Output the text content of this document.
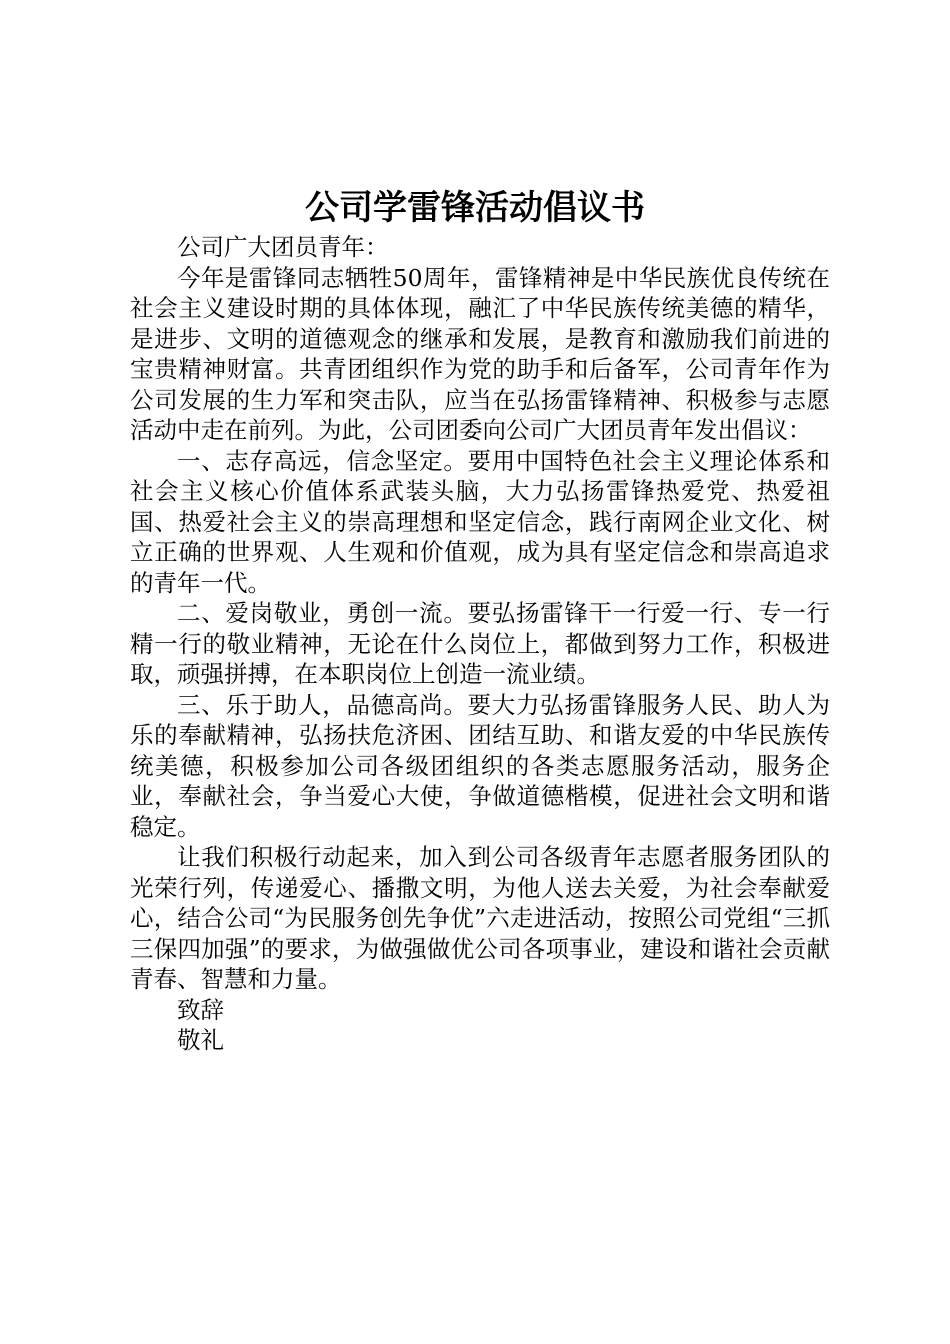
公司学雷锋活动倡议书

公司广大团员青年：

今年是雷锋同志牺牲50周年，雷锋精神是中华民族优良传统在社会主义建设时期的具体体现，融汇了中华民族传统美德的精华，是进步、文明的道德观念的继承和发展，是教育和激励我们前进的宝贵精神财富。共青团组织作为党的助手和后备军，公司青年作为公司发展的生力军和突击队，应当在弘扬雷锋精神、积极参与志愿活动中走在前列。为此，公司团委向公司广大团员青年发出倡议：

一、志存高远，信念坚定。要用中国特色社会主义理论体系和社会主义核心价值体系武装头脑，大力弘扬雷锋热爱党、热爱祖国、热爱社会主义的崇高理想和坚定信念，践行南网企业文化、树立正确的世界观、人生观和价值观，成为具有坚定信念和崇高追求的青年一代。

二、爱岗敬业，勇创一流。要弘扬雷锋干一行爱一行、专一行精一行的敬业精神，无论在什么岗位上，都做到努力工作，积极进取，顽强拼搏，在本职岗位上创造一流业绩。

三、乐于助人，品德高尚。要大力弘扬雷锋服务人民、助人为乐的奉献精神，弘扬扶危济困、团结互助、和谐友爱的中华民族传统美德，积极参加公司各级团组织的各类志愿服务活动，服务企业，奉献社会，争当爱心大使，争做道德楷模，促进社会文明和谐稳定。

让我们积极行动起来，加入到公司各级青年志愿者服务团队的光荣行列，传递爱心、播撒文明，为他人送去关爱，为社会奉献爱心，结合公司“为民服务创先争优”六走进活动，按照公司党组“三抓三保四加强”的要求，为做强做优公司各项事业，建设和谐社会贡献青春、智慧和力量。

致辞

敬礼
